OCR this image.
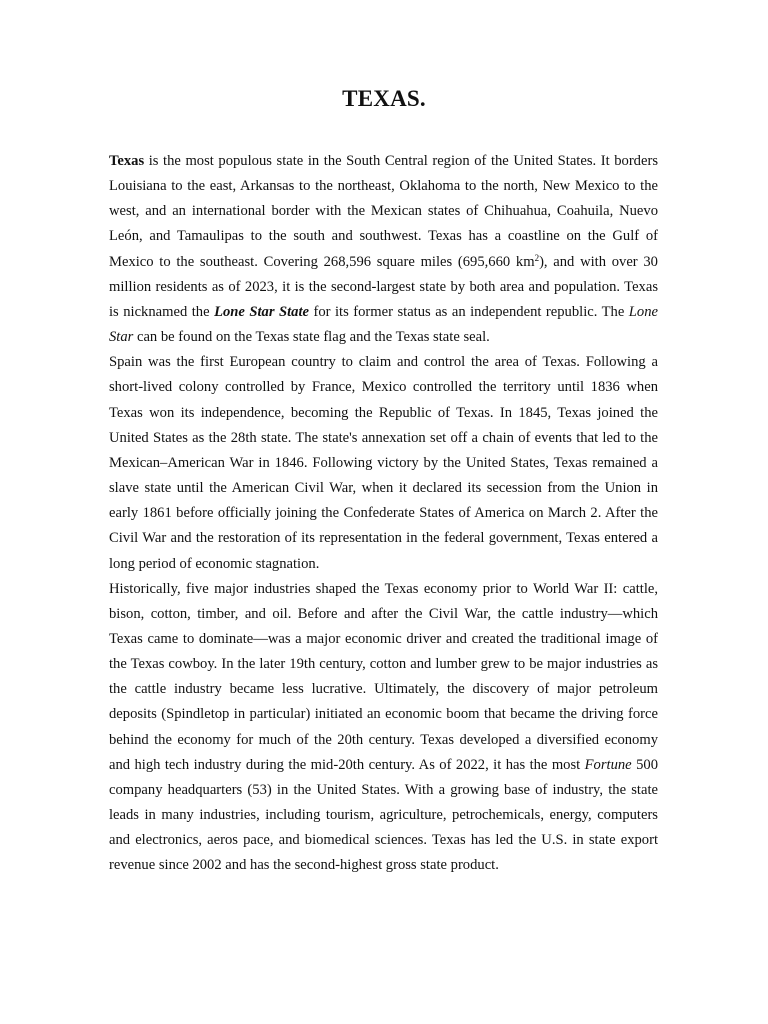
TEXAS.

Texas is the most populous state in the South Central region of the United States. It borders Louisiana to the east, Arkansas to the northeast, Oklahoma to the north, New Mexico to the west, and an international border with the Mexican states of Chihuahua, Coahuila, Nuevo León, and Tamaulipas to the south and southwest. Texas has a coastline on the Gulf of Mexico to the southeast. Covering 268,596 square miles (695,660 $km^2$), and with over 30 million residents as of 2023, it is the second-largest state by both area and population. Texas is nicknamed the Lone Star State for its former status as an independent republic. The Lone Star can be found on the Texas state flag and the Texas state seal.

Spain was the first European country to claim and control the area of Texas. Following a short-lived colony controlled by France, Mexico controlled the territory until 1836 when Texas won its independence, becoming the Republic of Texas. In 1845, Texas joined the United States as the 28th state. The state's annexation set off a chain of events that led to the Mexican–American War in 1846. Following victory by the United States, Texas remained a slave state until the American Civil War, when it declared its secession from the Union in early 1861 before officially joining the Confederate States of America on March 2. After the Civil War and the restoration of its representation in the federal government, Texas entered a long period of economic stagnation.

Historically, five major industries shaped the Texas economy prior to World War II: cattle, bison, cotton, timber, and oil. Before and after the Civil War, the cattle industry—which Texas came to dominate—was a major economic driver and created the traditional image of the Texas cowboy. In the later 19th century, cotton and lumber grew to be major industries as the cattle industry became less lucrative. Ultimately, the discovery of major petroleum deposits (Spindletop in particular) initiated an economic boom that became the driving force behind the economy for much of the 20th century. Texas developed a diversified economy and high tech industry during the mid-20th century. As of 2022, it has the most Fortune 500 company headquarters (53) in the United States. With a growing base of industry, the state leads in many industries, including tourism, agriculture, petrochemicals, energy, computers and electronics, aeros pace, and biomedical sciences. Texas has led the U.S. in state export revenue since 2002 and has the second-highest gross state product.
